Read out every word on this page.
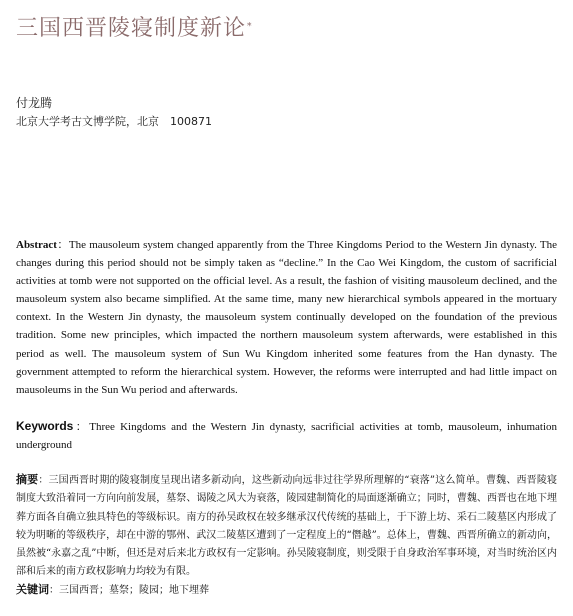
三国西晋陵寝制度新论*
付龙腾
北京大学考古文博学院，北京　100871
Abstract：The mausoleum system changed apparently from the Three Kingdoms Period to the Western Jin dynasty. The changes during this period should not be simply taken as “decline.” In the Cao Wei Kingdom, the custom of sacrificial activities at tomb were not supported on the official level. As a result, the fashion of visiting mausoleum declined, and the mausoleum system also became simplified. At the same time, many new hierarchical symbols appeared in the mortuary context. In the Western Jin dynasty, the mausoleum system continually developed on the foundation of the previous tradition. Some new principles, which impacted the northern mausoleum system afterwards, were established in this period as well. The mausoleum system of Sun Wu Kingdom inherited some features from the Han dynasty. The government attempted to reform the hierarchical system. However, the reforms were interrupted and had little impact on mausoleums in the Sun Wu period and afterwards.
Keywords：Three Kingdoms and the Western Jin dynasty, sacrificial activities at tomb, mausoleum, inhumation underground
摘要：三国西晋时期的陵寝制度呈现出诸多新动向，这些新动向远非过往学界所理解的“衰落”这么简单。曹魏、西晋陵寝制度大致沿着同一方向向前发展，墓祭、谒陵之风大为衰落，陵园建制简化的局面逐渐确立；同时，曹魏、西晋也在地下埋葬方面各自确立独具特色的等级标识。南方的孙吴政权在较多继承汉代传统的基础上，于下游上坊、采石二陵墓区内形成了较为明晰的等级秩序，却在中游的鄂州、武汉二陵墓区遭到了一定程度上的“僭越”。总体上，曹魏、西晋所确立的新动向，虽然被“永嘉之乱”中断，但还是对后来北方政权有一定影响。孙吴陵寝制度，则受限于自身政治军事环境，对当时统治区内部和后来的南方政权影响力均较为有限。
关键词：三国西晋；墓祭；陵园；地下埋葬
